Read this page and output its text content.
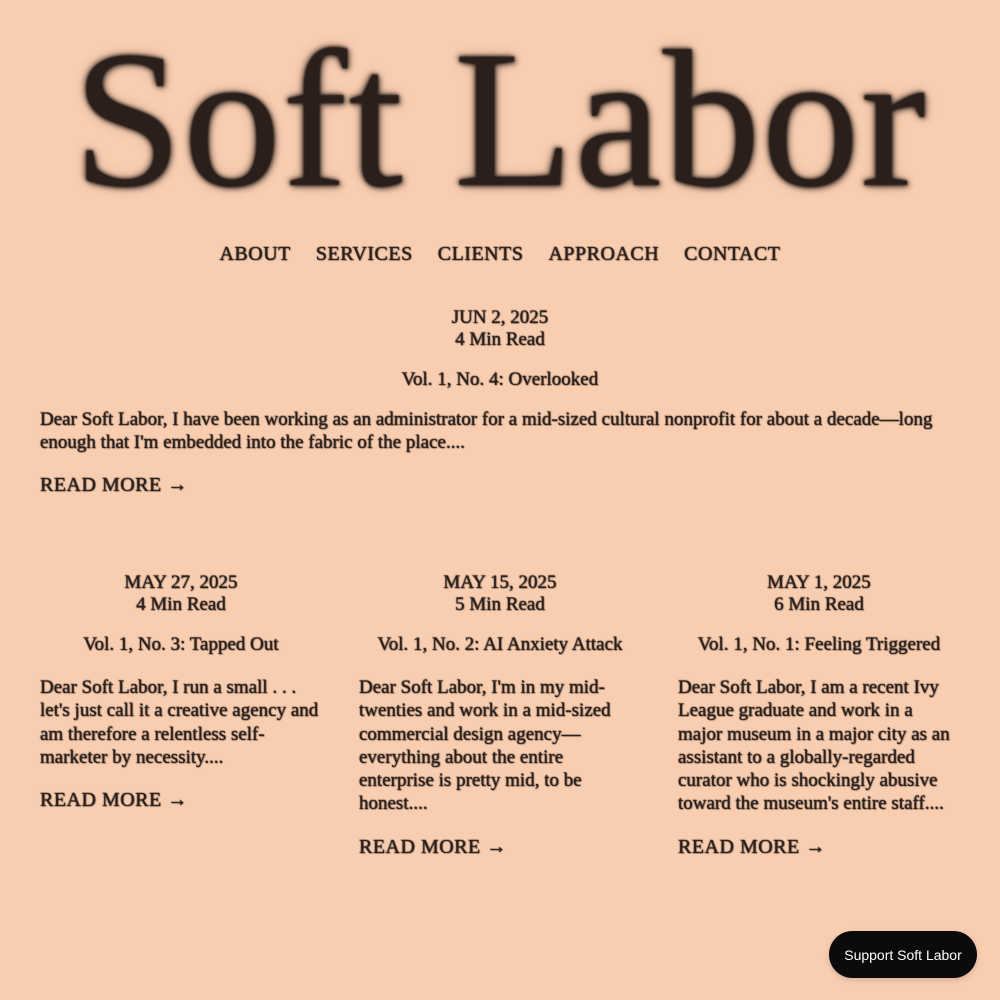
Soft Labor
ABOUT SERVICES CLIENTS APPROACH CONTACT
JUN 2, 2025
4 Min Read
Vol. 1, No. 4: Overlooked

Dear Soft Labor, I have been working as an administrator for a mid-sized cultural nonprofit for about a decade—long enough that I'm embedded into the fabric of the place....

READ MORE →
MAY 27, 2025
4 Min Read
Vol. 1, No. 3: Tapped Out

Dear Soft Labor, I run a small . . . let's just call it a creative agency and am therefore a relentless self-marketer by necessity....

READ MORE →
MAY 15, 2025
5 Min Read
Vol. 1, No. 2: AI Anxiety Attack

Dear Soft Labor, I'm in my mid-twenties and work in a mid-sized commercial design agency—everything about the entire enterprise is pretty mid, to be honest....

READ MORE →
MAY 1, 2025
6 Min Read
Vol. 1, No. 1: Feeling Triggered

Dear Soft Labor, I am a recent Ivy League graduate and work in a major museum in a major city as an assistant to a globally-regarded curator who is shockingly abusive toward the museum's entire staff....

READ MORE →
Support Soft Labor
